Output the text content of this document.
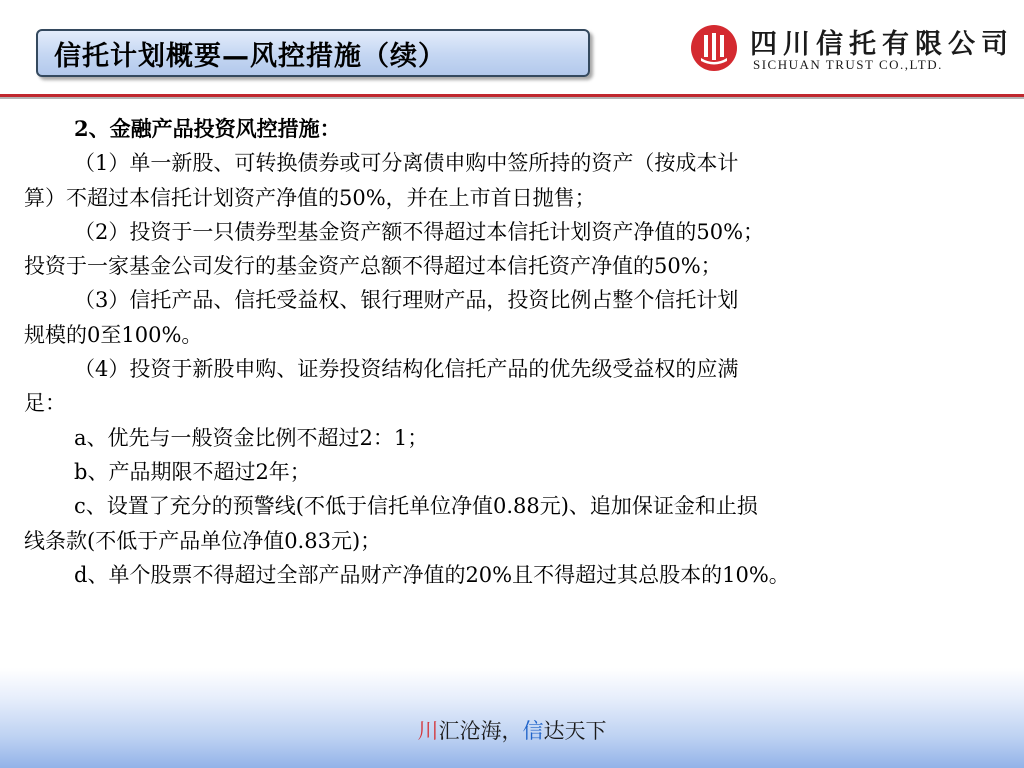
信托计划概要—风控措施（续）	四川信托有限公司
SICHUAN TRUST CO.,LTD.

2、金融产品投资风控措施：

（1）单一新股、可转换债券或可分离债申购中签所持的资产（按成本计

算）不超过本信托计划资产净值的50%，并在上市首日抛售；

（2）投资于一只债券型基金资产额不得超过本信托计划资产净值的50%；

投资于一家基金公司发行的基金资产总额不得超过本信托资产净值的50%；

（3）信托产品、信托受益权、银行理财产品，投资比例占整个信托计划

规模的0至100%。

（4）投资于新股申购、证券投资结构化信托产品的优先级受益权的应满

足：

a、优先与一般资金比例不超过2：1；

b、产品期限不超过2年；

c、设置了充分的预警线(不低于信托单位净值0.88元)、追加保证金和止损

线条款(不低于产品单位净值0.83元)；

d、单个股票不得超过全部产品财产净值的20%且不得超过其总股本的10%。

川汇沧海，信达天下
